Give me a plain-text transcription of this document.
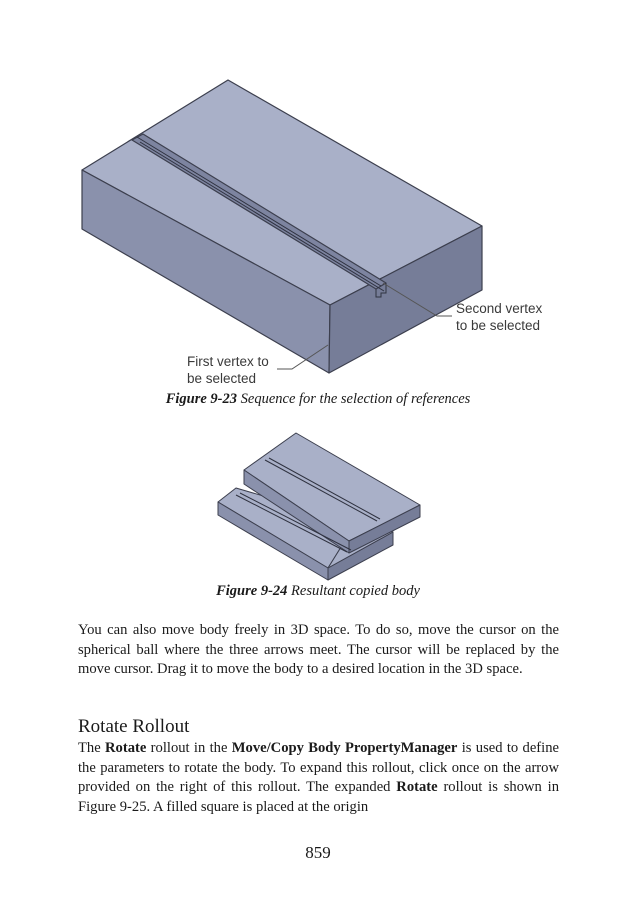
Second vertex
to be selected
First vertex to
be selected
Figure 9-23 Sequence for the selection of references
Figure 9-24 Resultant copied body

You can also move body freely in 3D space. To do so, move the cursor on the spherical ball where the three arrows meet. The cursor will be replaced by the move cursor. Drag it to move the body to a desired location in the 3D space.

Rotate Rollout

The Rotate rollout in the Move/Copy Body PropertyManager is used to define the parameters to rotate the body. To expand this rollout, click once on the arrow provided on the right of this rollout. The expanded Rotate rollout is shown in Figure 9-25. A filled square is placed at the origin

859
